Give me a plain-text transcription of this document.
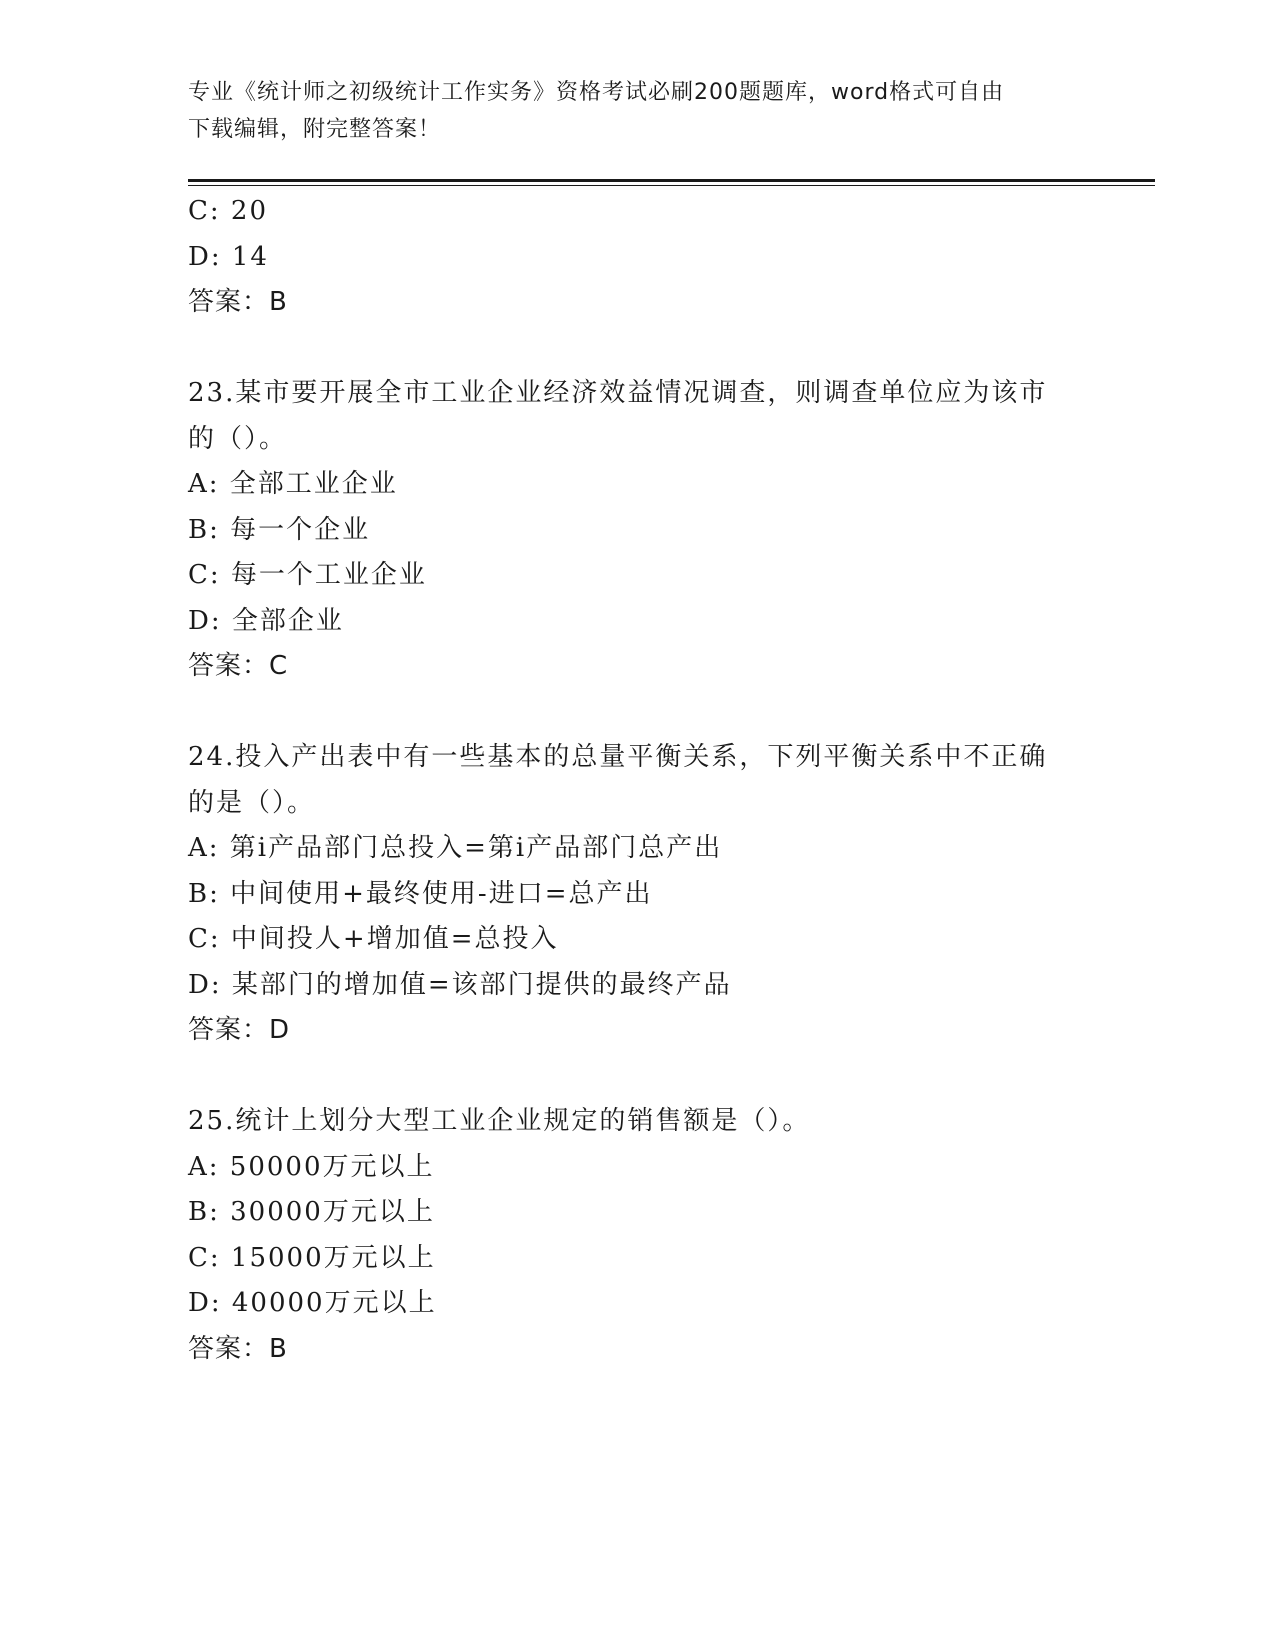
专业《统计师之初级统计工作实务》资格考试必刷200题题库，word格式可自由
下载编辑，附完整答案！
C: 20
D: 14
答案：B
23.某市要开展全市工业企业经济效益情况调查，则调查单位应为该市
的（）。
A: 全部工业企业
B: 每一个企业
C: 每一个工业企业
D: 全部企业
答案：C
24.投入产出表中有一些基本的总量平衡关系，下列平衡关系中不正确
的是（）。
A: 第i产品部门总投入=第i产品部门总产出
B: 中间使用+最终使用-进口=总产出
C: 中间投人+增加值=总投入
D: 某部门的增加值=该部门提供的最终产品
答案：D
25.统计上划分大型工业企业规定的销售额是（）。
A: 50000万元以上
B: 30000万元以上
C: 15000万元以上
D: 40000万元以上
答案：B
